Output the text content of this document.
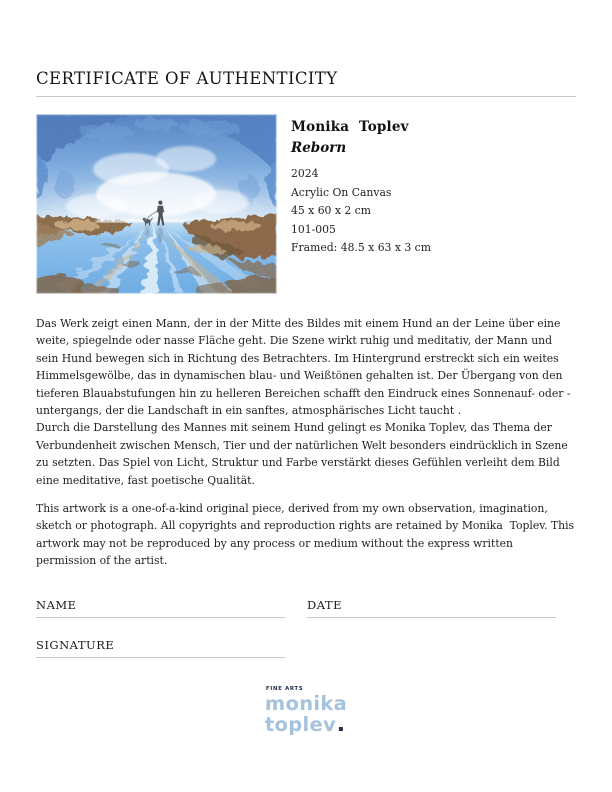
CERTIFICATE OF AUTHENTICITY
Monika  Toplev
Reborn
2024
Acrylic On Canvas
45 x 60 x 2 cm
101-005
Framed: 48.5 x 63 x 3 cm
Das Werk zeigt einen Mann, der in der Mitte des Bildes mit einem Hund an der Leine über eine weite, spiegelnde oder nasse Fläche geht. Die Szene wirkt ruhig und meditativ, der Mann und sein Hund bewegen sich in Richtung des Betrachters. Im Hintergrund erstreckt sich ein weites Himmelsgewölbe, das in dynamischen blau- und Weißtönen gehalten ist. Der Übergang von den tieferen Blauabstufungen hin zu helleren Bereichen schafft den Eindruck eines Sonnenauf- oder -untergangs, der die Landschaft in ein sanftes, atmosphärisches Licht taucht .
Durch die Darstellung des Mannes mit seinem Hund gelingt es Monika Toplev, das Thema der Verbundenheit zwischen Mensch, Tier und der natürlichen Welt besonders eindrücklich in Szene zu setzten. Das Spiel von Licht, Struktur und Farbe verstärkt dieses Gefühlen verleiht dem Bild eine meditative, fast poetische Qualität.
This artwork is a one-of-a-kind original piece, derived from my own observation, imagination, sketch or photograph. All copyrights and reproduction rights are retained by Monika  Toplev. This artwork may not be reproduced by any process or medium without the express written permission of the artist.
NAME	DATE
SIGNATURE
FINE ARTS
monika
toplev
